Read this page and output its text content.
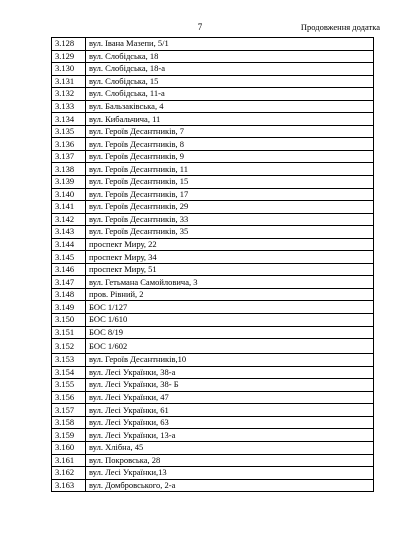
7	Продовження додатка
3.128	вул. Івана Мазепи, 5/1
3.129	вул. Слобідська, 18
3.130	вул. Слобідська, 18-а
3.131	вул. Слобідська, 15
3.132	вул. Слобідська, 11-а
3.133	вул. Бальзаківська, 4
3.134	вул. Кибальчича, 11
3.135	вул. Героїв Десантників, 7
3.136	вул. Героїв Десантників, 8
3.137	вул. Героїв Десантників, 9
3.138	вул. Героїв Десантників, 11
3.139	вул. Героїв Десантників, 15
3.140	вул. Героїв Десантників, 17
3.141	вул. Героїв Десантників, 29
3.142	вул. Героїв Десантників, 33
3.143	вул. Героїв Десантників, 35
3.144	проспект Миру, 22
3.145	проспект Миру, 34
3.146	проспект Миру, 51
3.147	вул. Гетьмана Самойловича, 3
3.148	пров. Рівний, 2
3.149	БОС 1/127
3.150	БОС 1/610
3.151	БОС 8/19
3.152	БОС 1/602
3.153	вул. Героїв Десантників,10
3.154	вул. Лесі Українки, 38-а
3.155	вул. Лесі Українки, 38- Б
3.156	вул. Лесі Українки, 47
3.157	вул. Лесі Українки, 61
3.158	вул. Лесі Українки, 63
3.159	вул. Лесі Українки, 13-а
3.160	вул. Хлібна, 45
3.161	вул. Покровська, 28
3.162	вул. Лесі Українки,13
3.163	вул. Домбровського, 2-а
